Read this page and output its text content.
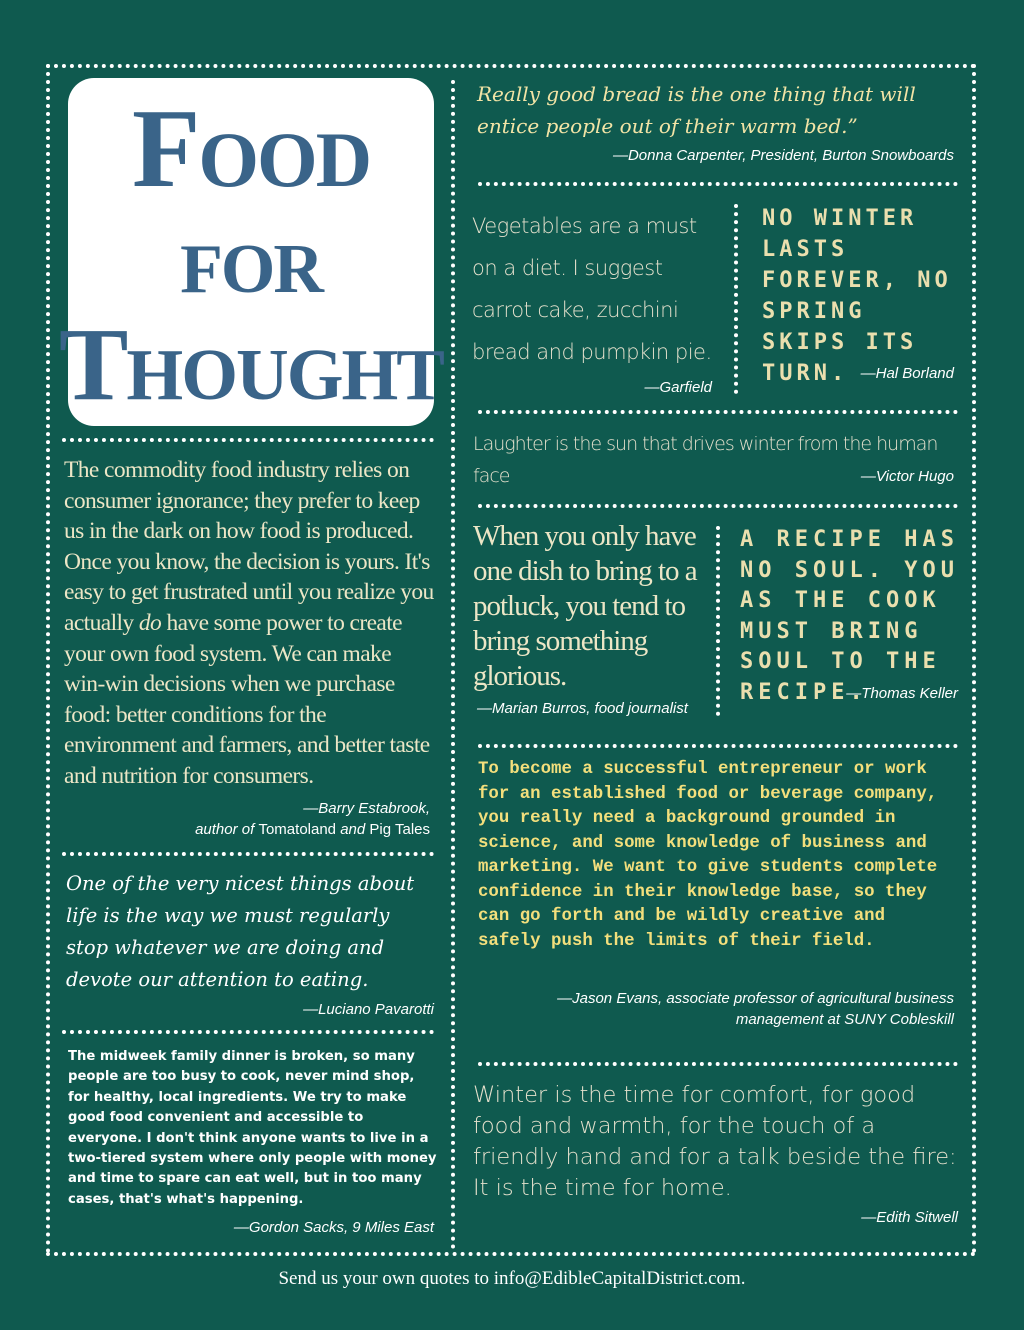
Food
for
Thought
The commodity food industry relies on consumer ignorance; they prefer to keep us in the dark on how food is produced. Once you know, the decision is yours. It's easy to get frustrated until you realize you actually do have some power to create your own food system. We can make win-win decisions when we purchase food: better conditions for the environment and farmers, and better taste and nutrition for consumers.
—Barry Estabrook,
author of Tomatoland and Pig Tales
One of the very nicest things about life is the way we must regularly stop whatever we are doing and devote our attention to eating.
—Luciano Pavarotti
The midweek family dinner is broken, so many people are too busy to cook, never mind shop, for healthy, local ingredients. We try to make good food convenient and accessible to everyone. I don't think anyone wants to live in a two-tiered system where only people with money and time to spare can eat well, but in too many cases, that's what's happening.
—Gordon Sacks, 9 Miles East
Really good bread is the one thing that will entice people out of their warm bed.”
—Donna Carpenter, President, Burton Snowboards
Vegetables are a must on a diet. I suggest carrot cake, zucchini bread and pumpkin pie.
—Garfield
NO WINTER LASTS FOREVER, NO SPRING SKIPS ITS TURN. —Hal Borland
Laughter is the sun that drives winter from the human face	—Victor Hugo
When you only have one dish to bring to a potluck, you tend to bring something glorious.
—Marian Burros, food journalist
A RECIPE HAS NO SOUL. YOU AS THE COOK MUST BRING SOUL TO THE RECIPE.
—Thomas Keller
To become a successful entrepreneur or work for an established food or beverage company, you really need a background grounded in science, and some knowledge of business and marketing. We want to give students complete confidence in their knowledge base, so they can go forth and be wildly creative and safely push the limits of their field.
—Jason Evans, associate professor of agricultural business
management at SUNY Cobleskill
Winter is the time for comfort, for good food and warmth, for the touch of a friendly hand and for a talk beside the fire: It is the time for home.
—Edith Sitwell
Send us your own quotes to info@EdibleCapitalDistrict.com.
